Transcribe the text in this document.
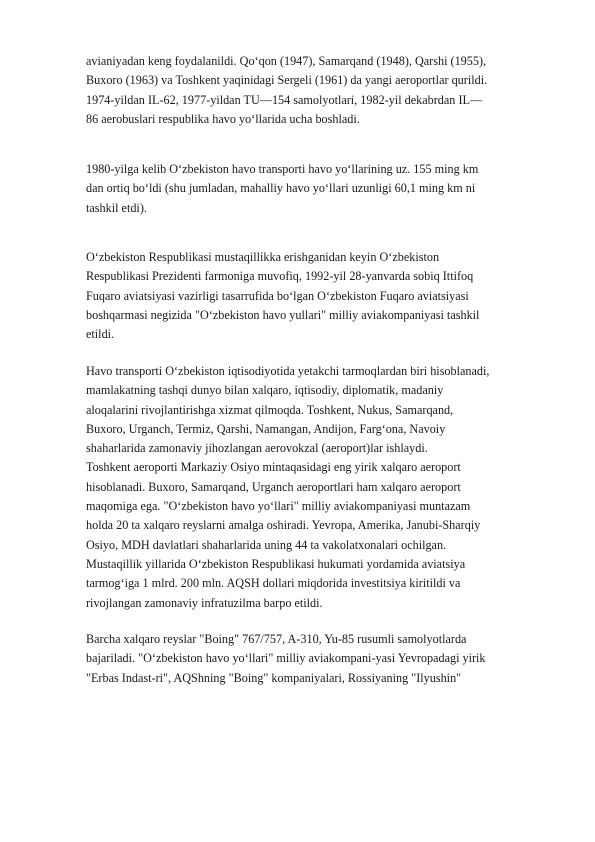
avianiyadan keng foydalanildi. Qoʻqon (1947), Samarqand (1948), Qarshi (1955),
Buxoro (1963) va Toshkent yaqinidagi Sergeli (1961) da yangi aeroportlar qurildi.
1974-yildan IL-62, 1977-yildan TU—154 samolyotlari, 1982-yil dekabrdan IL—
86 aerobuslari respublika havo yoʻllarida ucha boshladi.
1980-yilga kelib Oʻzbekiston havo transporti havo yoʻllarining uz. 155 ming km
dan ortiq boʻldi (shu jumladan, mahalliy havo yoʻllari uzunligi 60,1 ming km ni
tashkil etdi).
Oʻzbekiston Respublikasi mustaqillikka erishganidan keyin Oʻzbekiston
Respublikasi Prezidenti farmoniga muvofiq, 1992-yil 28-yanvarda sobiq Ittifoq
Fuqaro aviatsiyasi vazirligi tasarrufida boʻlgan Oʻzbekiston Fuqaro aviatsiyasi
boshqarmasi negizida "Oʻzbekiston havo yullari" milliy aviakompaniyasi tashkil
etildi.
Havo transporti Oʻzbekiston iqtisodiyotida yetakchi tarmoqlardan biri hisoblanadi,
mamlakatning tashqi dunyo bilan xalqaro, iqtisodiy, diplomatik, madaniy
aloqalarini rivojlantirishga xizmat qilmoqda. Toshkent, Nukus, Samarqand,
Buxoro, Urganch, Termiz, Qarshi, Namangan, Andijon, Fargʻona, Navoiy
shaharlarida zamonaviy jihozlangan aerovokzal (aeroport)lar ishlaydi.
Toshkent aeroporti Markaziy Osiyo mintaqasidagi eng yirik xalqaro aeroport
hisoblanadi. Buxoro, Samarqand, Urganch aeroportlari ham xalqaro aeroport
maqomiga ega. "Oʻzbekiston havo yoʻllari" milliy aviakompaniyasi muntazam
holda 20 ta xalqaro reyslarni amalga oshiradi. Yevropa, Amerika, Janubi-Sharqiy
Osiyo, MDH davlatlari shaharlarida uning 44 ta vakolatxonalari ochilgan.
Mustaqillik yillarida Oʻzbekiston Respublikasi hukumati yordamida aviatsiya
tarmogʻiga 1 mlrd. 200 mln. AQSH dollari miqdorida investitsiya kiritildi va
rivojlangan zamonaviy infratuzilma barpo etildi.
Barcha xalqaro reyslar "Boing" 767/757, A-310, Yu-85 rusumli samolyotlarda
bajariladi. "Oʻzbekiston havo yoʻllari" milliy aviakompani-yasi Yevropadagi yirik
"Erbas Indast-ri", AQShning "Boing" kompaniyalari, Rossiyaning "Ilyushin"
